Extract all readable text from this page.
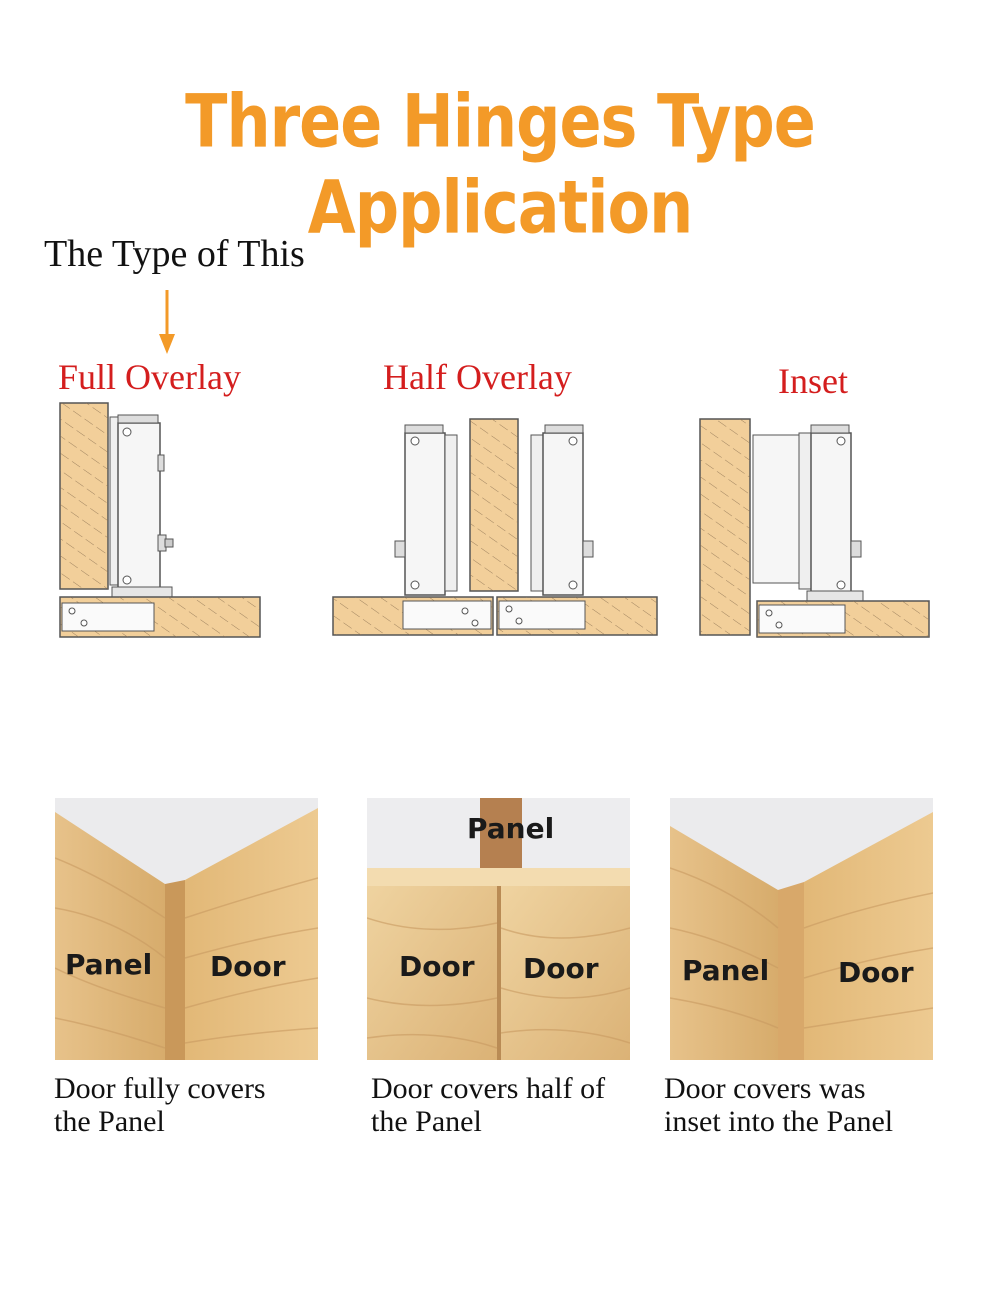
Three Hinges Type Application
The Type of This
Full Overlay	Half Overlay	Inset
Panel Door
Panel
Door Door	Panel Door
Door fully covers
the Panel
Door covers half of
the Panel
Door covers was
inset into the Panel
